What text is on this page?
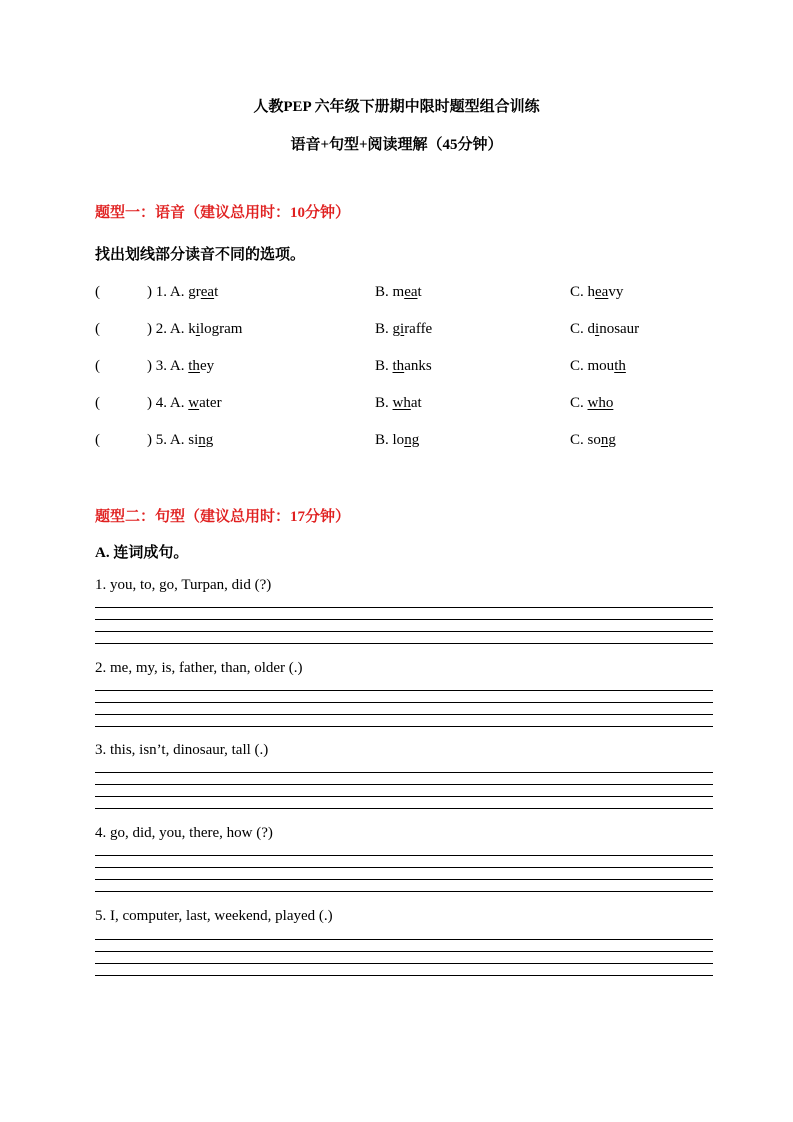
人教PEP 六年级下册期中限时题型组合训练
语音+句型+阅读理解（45分钟）
题型一：语音（建议总用时：10分钟）
找出划线部分读音不同的选项。
(	) 1. A. great	B. meat	C. heavy
(	) 2. A. kilogram	B. giraffe	C. dinosaur
(	) 3. A. they	B. thanks	C. mouth
(	) 4. A. water	B. what	C. who
(	) 5. A. sing	B. long	C. song
题型二：句型（建议总用时：17分钟）
A. 连词成句。
1. you, to, go, Turpan, did (?)
2. me, my, is, father, than, older (.)
3. this, isn’t, dinosaur, tall (.)
4. go, did, you, there, how (?)
5. I, computer, last, weekend, played (.)
